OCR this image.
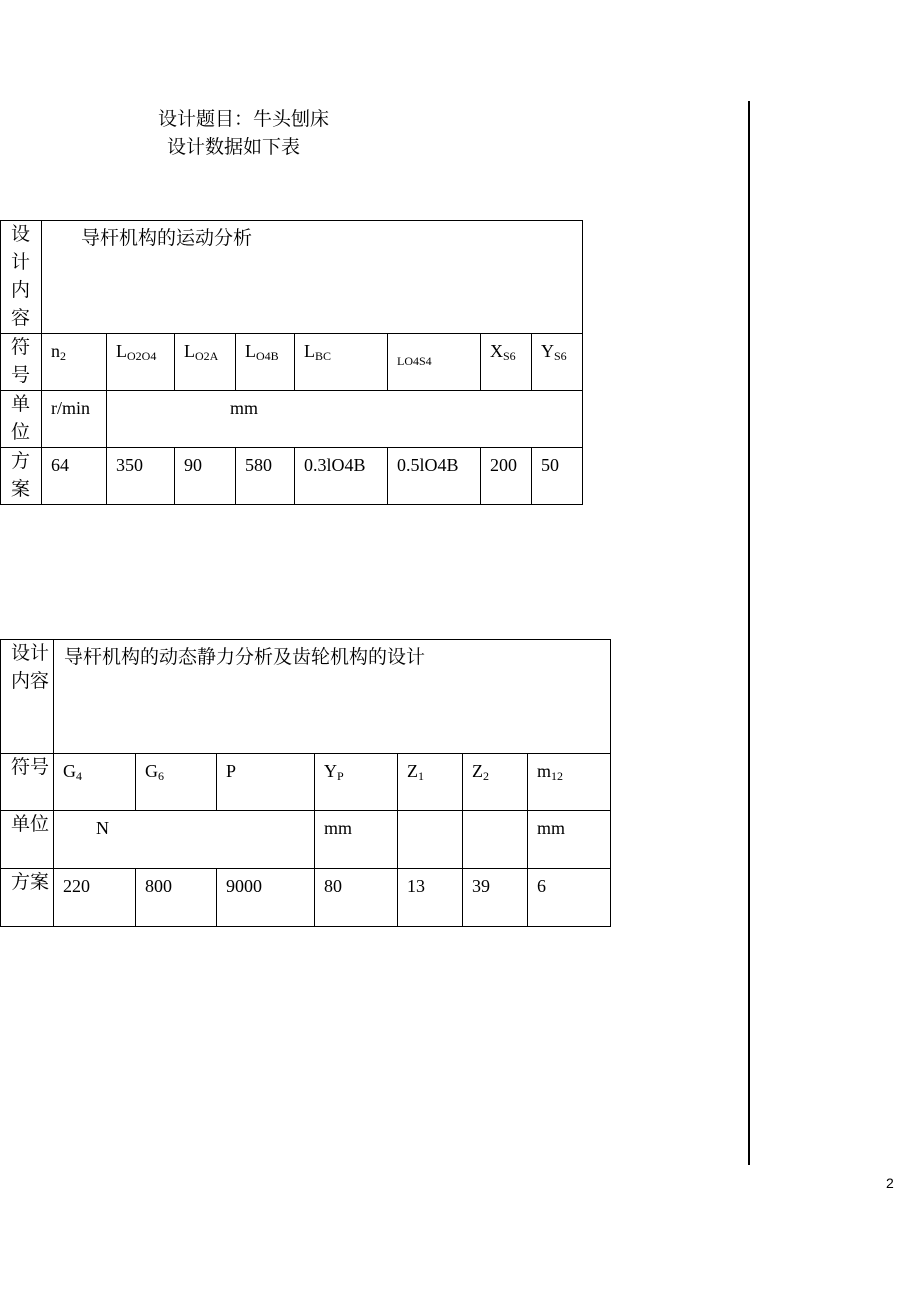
设计题目：牛头刨床
设计数据如下表
设计内容	导杆机构的运动分析							
符号	$n_2$	$L_{O2O4}$	$L_{O2A}$	$L_{O4B}$	$L_{BC}$	LO4S4	$X_{S6}$	$Y_{S6}$
单位	r/min	mm						
方案	64	350	90	580	0.3lO4B	0.5lO4B	200	50
设计内容	导杆机构的动态静力分析及齿轮机构的设计						
符号	$G_4$	$G_6$	P	$Y_P$	$Z_1$	$Z_2$	$m_{12}$
单位	N			mm			mm
方案	220	800	9000	80	13	39	6
2
